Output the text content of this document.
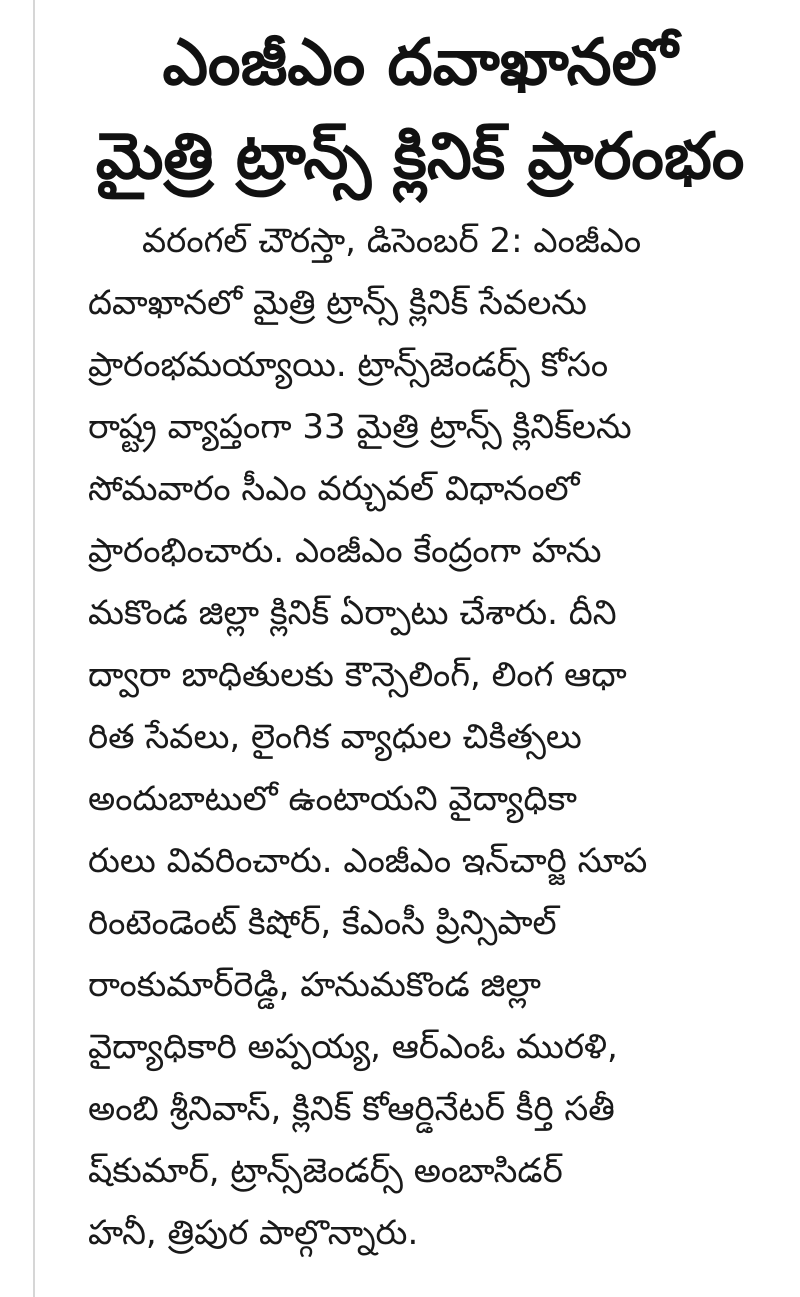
ఎంజీఎం దవాఖానలో
మైత్రి ట్రాన్స్ క్లినిక్ ప్రారంభం
వరంగల్ చౌరస్తా, డిసెంబర్ 2: ఎంజీఎం
దవాఖానలో మైత్రి ట్రాన్స్ క్లినిక్ సేవలను
ప్రారంభమయ్యాయి. ట్రాన్స్‌జెండర్స్ కోసం
రాష్ట్ర వ్యాప్తంగా 33 మైత్రి ట్రాన్స్ క్లినిక్‌లను
సోమవారం సీఎం వర్చువల్ విధానంలో
ప్రారంభించారు. ఎంజీఎం కేంద్రంగా హను
మకొండ జిల్లా క్లినిక్ ఏర్పాటు చేశారు. దీని
ద్వారా బాధితులకు కౌన్సెలింగ్, లింగ ఆధా
రిత సేవలు, లైంగిక వ్యాధుల చికిత్సలు
అందుబాటులో ఉంటాయని వైద్యాధికా
రులు వివరించారు. ఎంజీఎం ఇన్‌చార్జి సూప
రింటెండెంట్ కిషోర్, కేఎంసీ ప్రిన్సిపాల్
రాంకుమార్‌రెడ్డి, హనుమకొండ జిల్లా
వైద్యాధికారి అప్పయ్య, ఆర్ఎంఓ మురళి,
అంబి శ్రీనివాస్, క్లినిక్ కోఆర్డినేటర్ కీర్తి సతీ
ష్‌కుమార్, ట్రాన్స్‌జెండర్స్ అంబాసిడర్
హనీ, త్రిపుర పాల్గొన్నారు.
